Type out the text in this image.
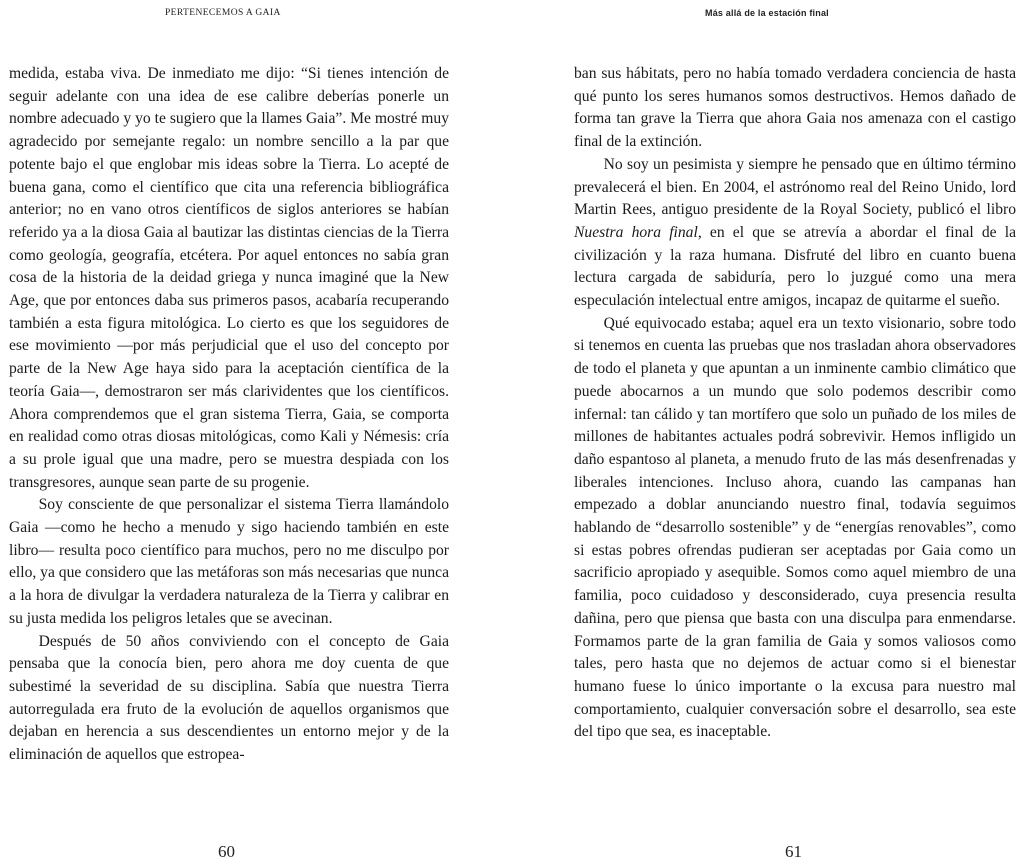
PERTENECEMOS A GAIA

medida, estaba viva. De inmediato me dijo: “Si tienes intención de seguir adelante con una idea de ese calibre deberías ponerle un nombre adecuado y yo te sugiero que la llames Gaia”. Me mostré muy agradecido por semejante regalo: un nombre sencillo a la par que potente bajo el que englobar mis ideas sobre la Tierra. Lo acepté de buena gana, como el científico que cita una referencia bibliográfica anterior; no en vano otros científicos de siglos anteriores se habían referido ya a la diosa Gaia al bautizar las distintas ciencias de la Tierra como geología, geografía, etcétera. Por aquel entonces no sabía gran cosa de la historia de la deidad griega y nunca imaginé que la New Age, que por entonces daba sus primeros pasos, acabaría recuperando también a esta figura mitológica. Lo cierto es que los seguidores de ese movimiento —por más perjudicial que el uso del concepto por parte de la New Age haya sido para la aceptación científica de la teoría Gaia—, demostraron ser más clarividentes que los científicos. Ahora comprendemos que el gran sistema Tierra, Gaia, se comporta en realidad como otras diosas mitológicas, como Kali y Némesis: cría a su prole igual que una madre, pero se muestra despiada con los transgresores, aunque sean parte de su progenie.

Soy consciente de que personalizar el sistema Tierra llamándolo Gaia —como he hecho a menudo y sigo haciendo también en este libro— resulta poco científico para muchos, pero no me disculpo por ello, ya que considero que las metáforas son más necesarias que nunca a la hora de divulgar la verdadera naturaleza de la Tierra y calibrar en su justa medida los peligros letales que se avecinan.

Después de 50 años conviviendo con el concepto de Gaia pensaba que la conocía bien, pero ahora me doy cuenta de que subestimé la severidad de su disciplina. Sabía que nuestra Tierra autorregulada era fruto de la evolución de aquellos organismos que dejaban en herencia a sus descendientes un entorno mejor y de la eliminación de aquellos que estropea-

60
Más allá de la estación final

ban sus hábitats, pero no había tomado verdadera conciencia de hasta qué punto los seres humanos somos destructivos. Hemos dañado de forma tan grave la Tierra que ahora Gaia nos amenaza con el castigo final de la extinción.

No soy un pesimista y siempre he pensado que en último término prevalecerá el bien. En 2004, el astrónomo real del Reino Unido, lord Martin Rees, antiguo presidente de la Royal Society, publicó el libro Nuestra hora final, en el que se atrevía a abordar el final de la civilización y la raza humana. Disfruté del libro en cuanto buena lectura cargada de sabiduría, pero lo juzgué como una mera especulación intelectual entre amigos, incapaz de quitarme el sueño.

Qué equivocado estaba; aquel era un texto visionario, sobre todo si tenemos en cuenta las pruebas que nos trasladan ahora observadores de todo el planeta y que apuntan a un inminente cambio climático que puede abocarnos a un mundo que solo podemos describir como infernal: tan cálido y tan mortífero que solo un puñado de los miles de millones de habitantes actuales podrá sobrevivir. Hemos infligido un daño espantoso al planeta, a menudo fruto de las más desenfrenadas y liberales intenciones. Incluso ahora, cuando las campanas han empezado a doblar anunciando nuestro final, todavía seguimos hablando de “desarrollo sostenible” y de “energías renovables”, como si estas pobres ofrendas pudieran ser aceptadas por Gaia como un sacrificio apropiado y asequible. Somos como aquel miembro de una familia, poco cuidadoso y desconsiderado, cuya presencia resulta dañina, pero que piensa que basta con una disculpa para enmendarse. Formamos parte de la gran familia de Gaia y somos valiosos como tales, pero hasta que no dejemos de actuar como si el bienestar humano fuese lo único importante o la excusa para nuestro mal comportamiento, cualquier conversación sobre el desarrollo, sea este del tipo que sea, es inaceptable.

61
